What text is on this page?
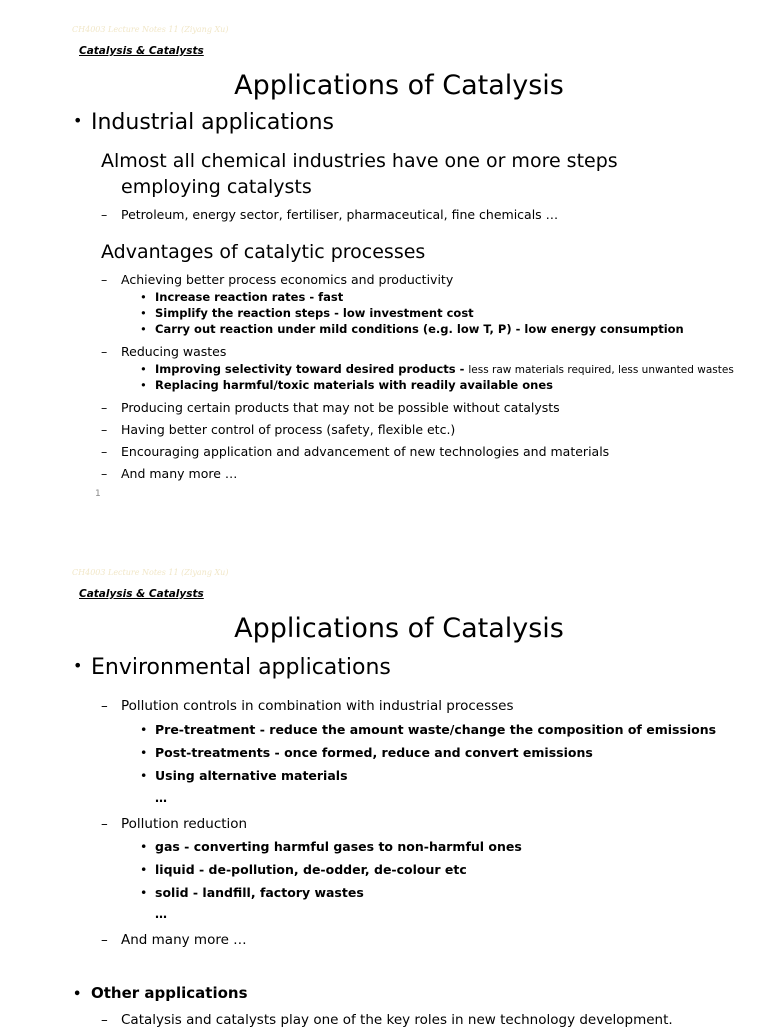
CH4003 Lecture Notes 11 (Ziyang Xu)
Catalysis & Catalysts
Applications of Catalysis
• Industrial applications
Almost all chemical industries have one or more steps
employing catalysts
– Petroleum, energy sector, fertiliser, pharmaceutical, fine chemicals …
Advantages of catalytic processes
– Achieving better process economics and productivity
• Increase reaction rates - fast
• Simplify the reaction steps - low investment cost
• Carry out reaction under mild conditions (e.g. low T, P) - low energy consumption
– Reducing wastes
• Improving selectivity toward desired products - less raw materials required, less unwanted wastes
• Replacing harmful/toxic materials with readily available ones
– Producing certain products that may not be possible without catalysts
– Having better control of process (safety, flexible etc.)
– Encouraging application and advancement of new technologies and materials
– And many more …
1
CH4003 Lecture Notes 11 (Ziyang Xu)
Catalysis & Catalysts
Applications of Catalysis
• Environmental applications
– Pollution controls in combination with industrial processes
• Pre-treatment - reduce the amount waste/change the composition of emissions
• Post-treatments - once formed, reduce and convert emissions
• Using alternative materials
…
– Pollution reduction
• gas - converting harmful gases to non-harmful ones
• liquid - de-pollution, de-odder, de-colour etc
• solid - landfill, factory wastes
…
– And many more …
• Other applications
– Catalysis and catalysts play one of the key roles in new technology development.
